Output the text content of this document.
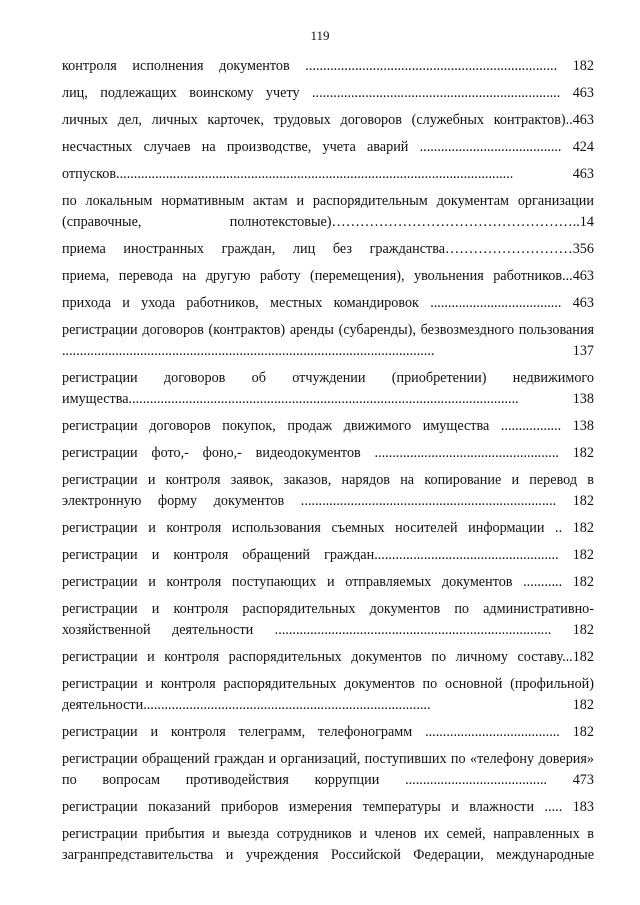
119
контроля исполнения документов ....................................................................... 182
лиц, подлежащих воинскому учету ...................................................................... 463
личных дел, личных карточек, трудовых договоров (служебных контрактов)..463
несчастных случаев на производстве, учета аварий ........................................ 424
отпусков................................................................................................................ 463
по локальным нормативным актам и распорядительным документам организации (справочные, полнотекстовые)……………………………………………..14
приема иностранных граждан, лиц без гражданства………………………356
приема, перевода на другую работу (перемещения), увольнения работников...463
прихода и ухода работников, местных командировок ..................................... 463
регистрации договоров (контрактов) аренды (субаренды), безвозмездного пользования ......................................................................................................... 137
регистрации договоров об отчуждении (приобретении) недвижимого имущества.............................................................................................................. 138
регистрации договоров покупок, продаж движимого имущества ................. 138
регистрации фото,- фоно,- видеодокументов .................................................... 182
регистрации и контроля заявок, заказов, нарядов на копирование и перевод в электронную форму документов ........................................................................ 182
регистрации и контроля использования съемных носителей информации .. 182
регистрации и контроля обращений граждан.................................................... 182
регистрации и контроля поступающих и отправляемых документов ........... 182
регистрации и контроля распорядительных документов по административно-хозяйственной деятельности .............................................................................. 182
регистрации и контроля распорядительных документов по личному составу...182
регистрации и контроля распорядительных документов по основной (профильной) деятельности................................................................................. 182
регистрации и контроля телеграмм, телефонограмм ...................................... 182
регистрации обращений граждан и организаций, поступивших по «телефону доверия» по вопросам противодействия коррупции ........................................ 473
регистрации показаний приборов измерения температуры и влажности ..... 183
регистрации прибытия и выезда сотрудников и членов их семей, направленных в загранпредставительства и учреждения Российской Федерации, международные
